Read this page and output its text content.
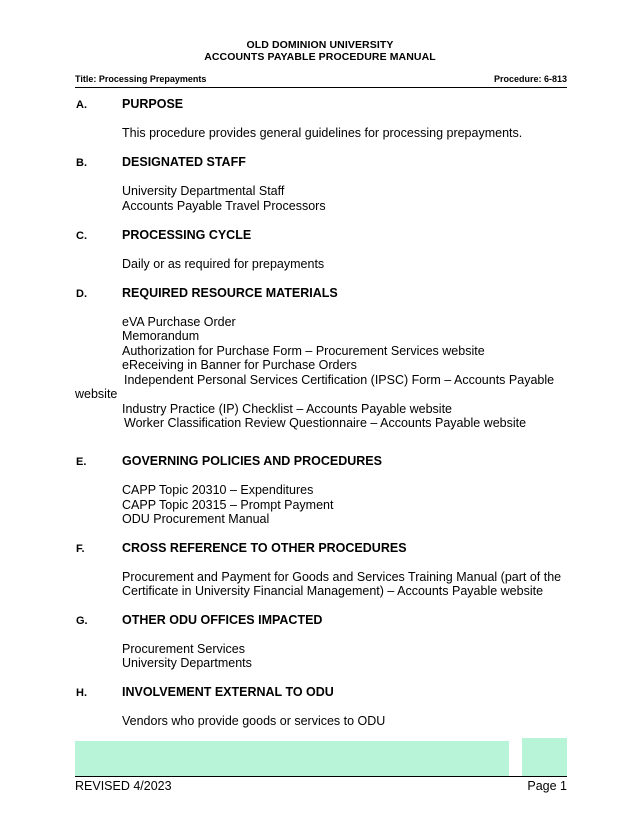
OLD DOMINION UNIVERSITY
ACCOUNTS PAYABLE PROCEDURE MANUAL
Title: Processing Prepayments	Procedure: 6-813
A.	PURPOSE
This procedure provides general guidelines for processing prepayments.
B.	DESIGNATED STAFF
University Departmental Staff
Accounts Payable Travel Processors
C.	PROCESSING CYCLE
Daily or as required for prepayments
D.	REQUIRED RESOURCE MATERIALS
eVA Purchase Order
Memorandum
Authorization for Purchase Form – Procurement Services website
eReceiving in Banner for Purchase Orders
Independent Personal Services Certification (IPSC) Form – Accounts Payable
website
Industry Practice (IP) Checklist – Accounts Payable website
Worker Classification Review Questionnaire – Accounts Payable website
E.	GOVERNING POLICIES AND PROCEDURES
CAPP Topic 20310 – Expenditures
CAPP Topic 20315 – Prompt Payment
ODU Procurement Manual
F.	CROSS REFERENCE TO OTHER PROCEDURES
Procurement and Payment for Goods and Services Training Manual (part of the
Certificate in University Financial Management) – Accounts Payable website
G.	OTHER ODU OFFICES IMPACTED
Procurement Services
University Departments
H.	INVOLVEMENT EXTERNAL TO ODU
Vendors who provide goods or services to ODU
REVISED 4/2023	Page 1
